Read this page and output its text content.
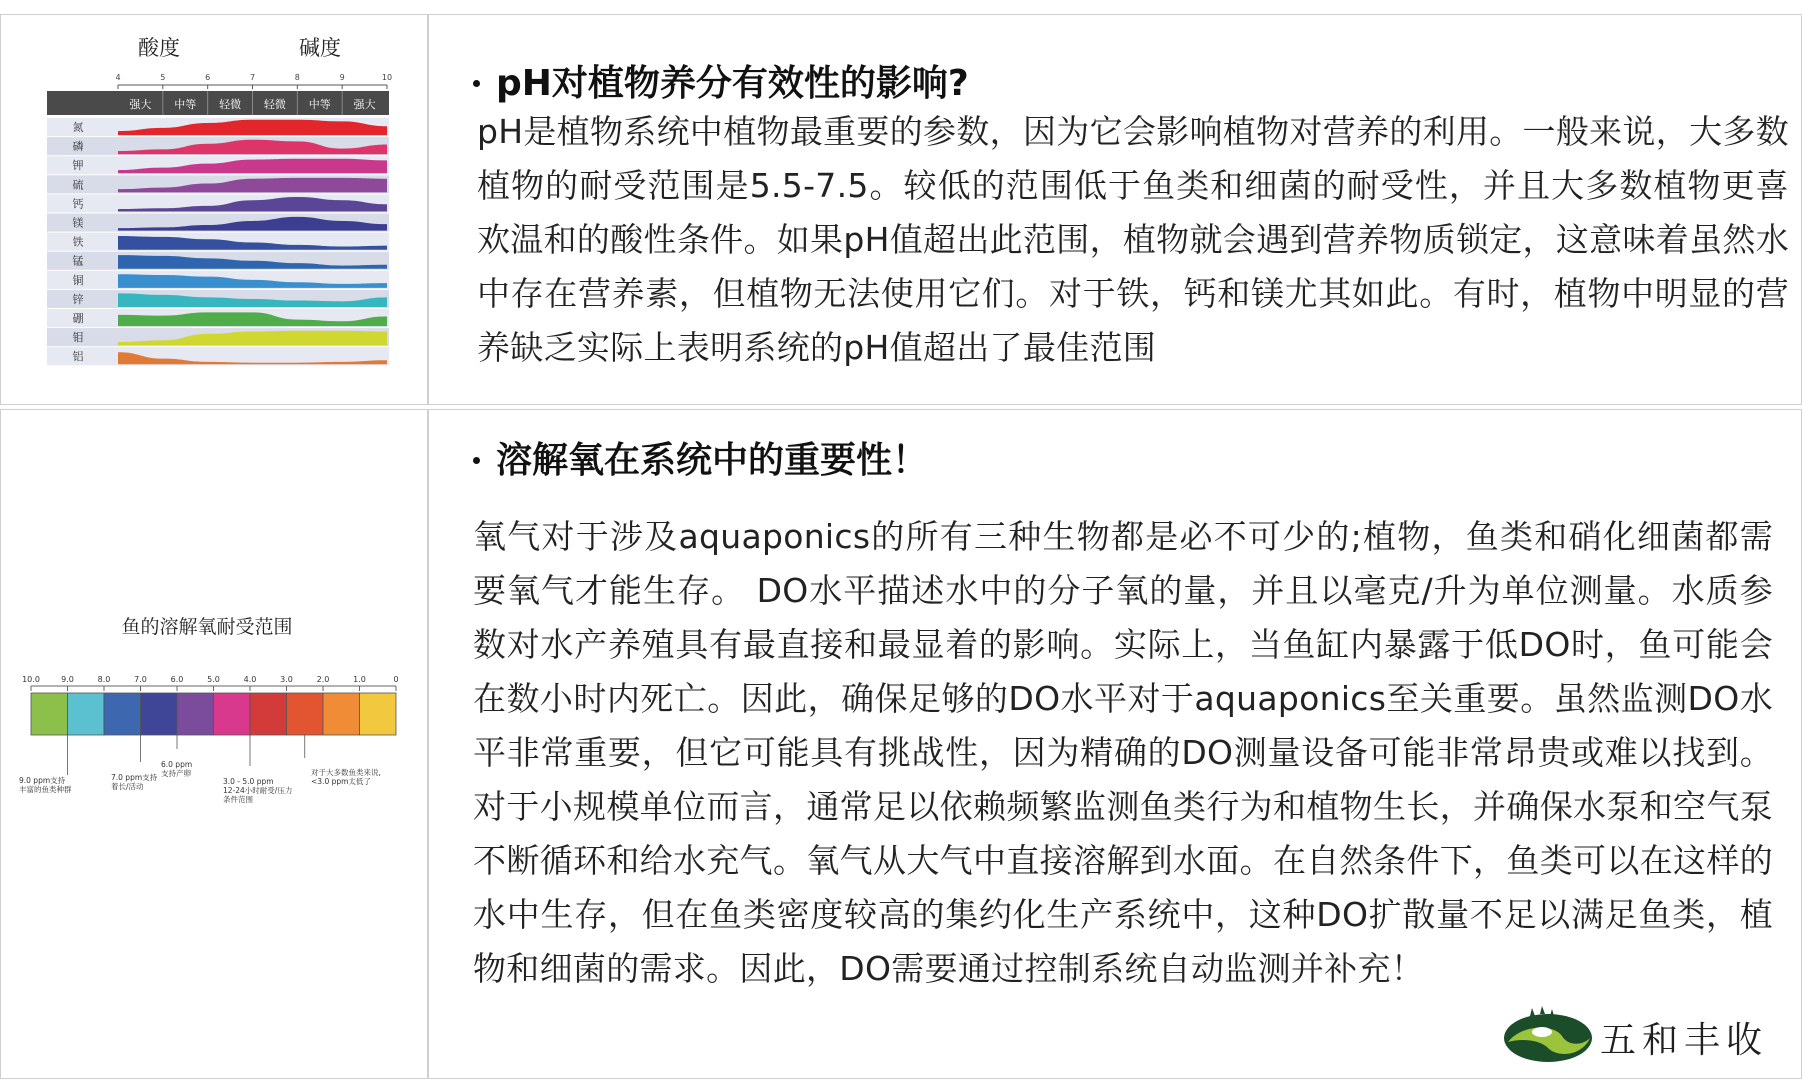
酸度	碱度
4	5	6	7	8	9	10
强大 中等 轻微 轻微 中等 强大
氮
磷
钾
硫
钙
镁
铁
锰
铜
锌
硼
钼
铝
pH对植物养分有效性的影响?
pH是植物系统中植物最重要的参数，因为它会影响植物对营养的利用。一般来说，大多数植物的耐受范围是5.5-7.5。较低的范围低于鱼类和细菌的耐受性，并且大多数植物更喜欢温和的酸性条件。如果pH值超出此范围，植物就会遇到营养物质锁定，这意味着虽然水中存在营养素，但植物无法使用它们。对于铁，钙和镁尤其如此。有时，植物中明显的营养缺乏实际上表明系统的pH值超出了最佳范围
鱼的溶解氧耐受范围
10.0	9.0	8.0	7.0	6.0	5.0	4.0	3.0	2.0	1.0	0
9.0 ppm支持
丰富的鱼类种群
7.0 ppm支持
着长/活动
6.0 ppm
支持产卵
3.0 - 5.0 ppm
12-24小时耐受/压力
条件范围
对于大多数鱼类来说,
<3.0 ppm太低了
溶解氧在系统中的重要性！
氧气对于涉及aquaponics的所有三种生物都是必不可少的;植物，鱼类和硝化细菌都需要氧气才能生存。 DO水平描述水中的分子氧的量，并且以毫克/升为单位测量。水质参数对水产养殖具有最直接和最显着的影响。实际上，当鱼缸内暴露于低DO时，鱼可能会在数小时内死亡。因此，确保足够的DO水平对于aquaponics至关重要。虽然监测DO水平非常重要，但它可能具有挑战性，因为精确的DO测量设备可能非常昂贵或难以找到。对于小规模单位而言，通常足以依赖频繁监测鱼类行为和植物生长，并确保水泵和空气泵不断循环和给水充气。氧气从大气中直接溶解到水面。在自然条件下，鱼类可以在这样的水中生存，但在鱼类密度较高的集约化生产系统中，这种DO扩散量不足以满足鱼类，植物和细菌的需求。因此，DO需要通过控制系统自动监测并补充！
五和丰收
